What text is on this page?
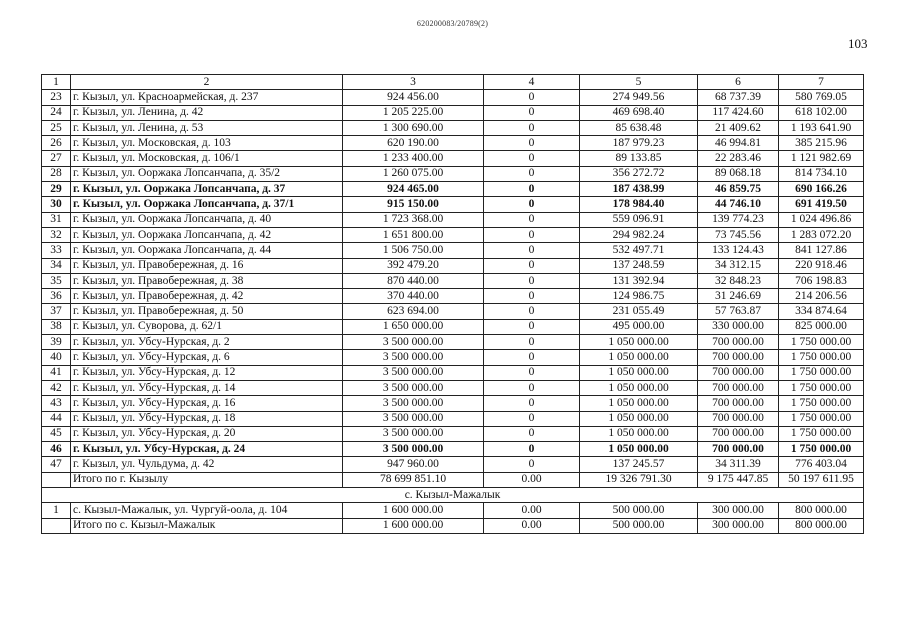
620200083/20789(2)
103
1	2	3	4	5	6	7
23	г. Кызыл, ул. Красноармейская, д. 237	924 456.00	0	274 949.56	68 737.39	580 769.05
24	г. Кызыл, ул. Ленина, д. 42	1 205 225.00	0	469 698.40	117 424.60	618 102.00
25	г. Кызыл, ул. Ленина, д. 53	1 300 690.00	0	85 638.48	21 409.62	1 193 641.90
26	г. Кызыл, ул. Московская, д. 103	620 190.00	0	187 979.23	46 994.81	385 215.96
27	г. Кызыл, ул. Московская, д. 106/1	1 233 400.00	0	89 133.85	22 283.46	1 121 982.69
28	г. Кызыл, ул. Ооржака Лопсанчапа, д. 35/2	1 260 075.00	0	356 272.72	89 068.18	814 734.10
29	г. Кызыл, ул. Ооржака Лопсанчапа, д. 37	924 465.00	0	187 438.99	46 859.75	690 166.26
30	г. Кызыл, ул. Ооржака Лопсанчапа, д. 37/1	915 150.00	0	178 984.40	44 746.10	691 419.50
31	г. Кызыл, ул. Ооржака Лопсанчапа, д. 40	1 723 368.00	0	559 096.91	139 774.23	1 024 496.86
32	г. Кызыл, ул. Ооржака Лопсанчапа, д. 42	1 651 800.00	0	294 982.24	73 745.56	1 283 072.20
33	г. Кызыл, ул. Ооржака Лопсанчапа, д. 44	1 506 750.00	0	532 497.71	133 124.43	841 127.86
34	г. Кызыл, ул. Правобережная, д. 16	392 479.20	0	137 248.59	34 312.15	220 918.46
35	г. Кызыл, ул. Правобережная, д. 38	870 440.00	0	131 392.94	32 848.23	706 198.83
36	г. Кызыл, ул. Правобережная, д. 42	370 440.00	0	124 986.75	31 246.69	214 206.56
37	г. Кызыл, ул. Правобережная, д. 50	623 694.00	0	231 055.49	57 763.87	334 874.64
38	г. Кызыл, ул. Суворова, д. 62/1	1 650 000.00	0	495 000.00	330 000.00	825 000.00
39	г. Кызыл, ул. Убсу-Нурская, д. 2	3 500 000.00	0	1 050 000.00	700 000.00	1 750 000.00
40	г. Кызыл, ул. Убсу-Нурская, д. 6	3 500 000.00	0	1 050 000.00	700 000.00	1 750 000.00
41	г. Кызыл, ул. Убсу-Нурская, д. 12	3 500 000.00	0	1 050 000.00	700 000.00	1 750 000.00
42	г. Кызыл, ул. Убсу-Нурская, д. 14	3 500 000.00	0	1 050 000.00	700 000.00	1 750 000.00
43	г. Кызыл, ул. Убсу-Нурская, д. 16	3 500 000.00	0	1 050 000.00	700 000.00	1 750 000.00
44	г. Кызыл, ул. Убсу-Нурская, д. 18	3 500 000.00	0	1 050 000.00	700 000.00	1 750 000.00
45	г. Кызыл, ул. Убсу-Нурская, д. 20	3 500 000.00	0	1 050 000.00	700 000.00	1 750 000.00
46	г. Кызыл, ул. Убсу-Нурская, д. 24	3 500 000.00	0	1 050 000.00	700 000.00	1 750 000.00
47	г. Кызыл, ул. Чульдума, д. 42	947 960.00	0	137 245.57	34 311.39	776 403.04
	Итого по г. Кызылу	78 699 851.10	0.00	19 326 791.30	9 175 447.85	50 197 611.95
с. Кызыл-Мажалык						
1	с. Кызыл-Мажалык, ул. Чургуй-оола, д. 104	1 600 000.00	0.00	500 000.00	300 000.00	800 000.00
	Итого по с. Кызыл-Мажалык	1 600 000.00	0.00	500 000.00	300 000.00	800 000.00
